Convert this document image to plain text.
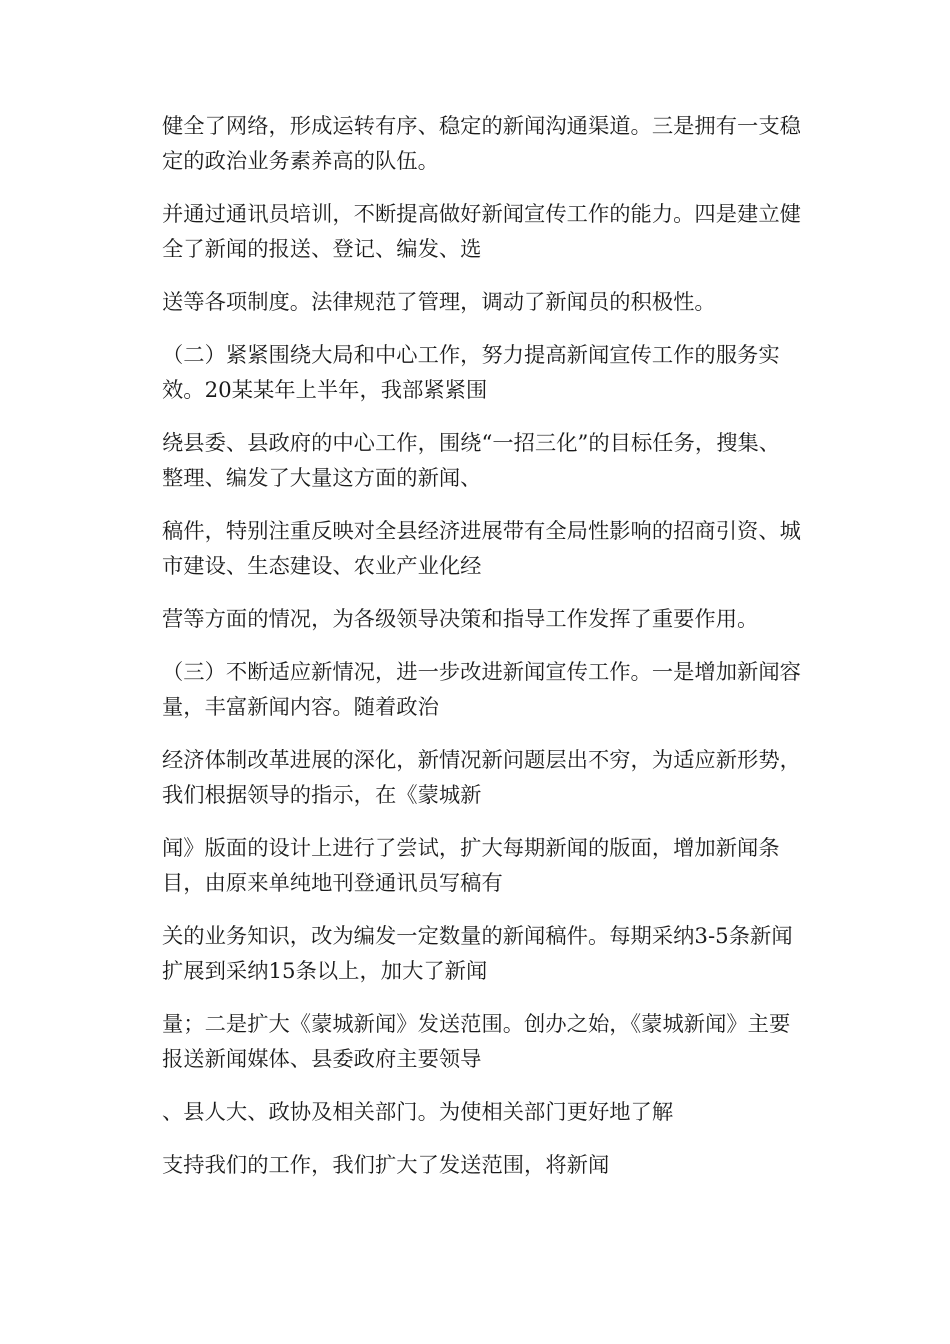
健全了网络，形成运转有序、稳定的新闻沟通渠道。三是拥有一支稳
定的政治业务素养高的队伍。

并通过通讯员培训，不断提高做好新闻宣传工作的能力。四是建立健
全了新闻的报送、登记、编发、选

送等各项制度。法律规范了管理，调动了新闻员的积极性。

（二）紧紧围绕大局和中心工作，努力提高新闻宣传工作的服务实
效。20某某年上半年，我部紧紧围

绕县委、县政府的中心工作，围绕“一招三化”的目标任务，搜集、
整理、编发了大量这方面的新闻、

稿件，特别注重反映对全县经济进展带有全局性影响的招商引资、城
市建设、生态建设、农业产业化经

营等方面的情况，为各级领导决策和指导工作发挥了重要作用。

（三）不断适应新情况，进一步改进新闻宣传工作。一是增加新闻容
量，丰富新闻内容。随着政治

经济体制改革进展的深化，新情况新问题层出不穷，为适应新形势，
我们根据领导的指示，在《蒙城新

闻》版面的设计上进行了尝试，扩大每期新闻的版面，增加新闻条
目，由原来单纯地刊登通讯员写稿有

关的业务知识，改为编发一定数量的新闻稿件。每期采纳3-5条新闻
扩展到采纳15条以上，加大了新闻

量；二是扩大《蒙城新闻》发送范围。创办之始，《蒙城新闻》主要
报送新闻媒体、县委政府主要领导

、县人大、政协及相关部门。为使相关部门更好地了解

支持我们的工作，我们扩大了发送范围，将新闻
